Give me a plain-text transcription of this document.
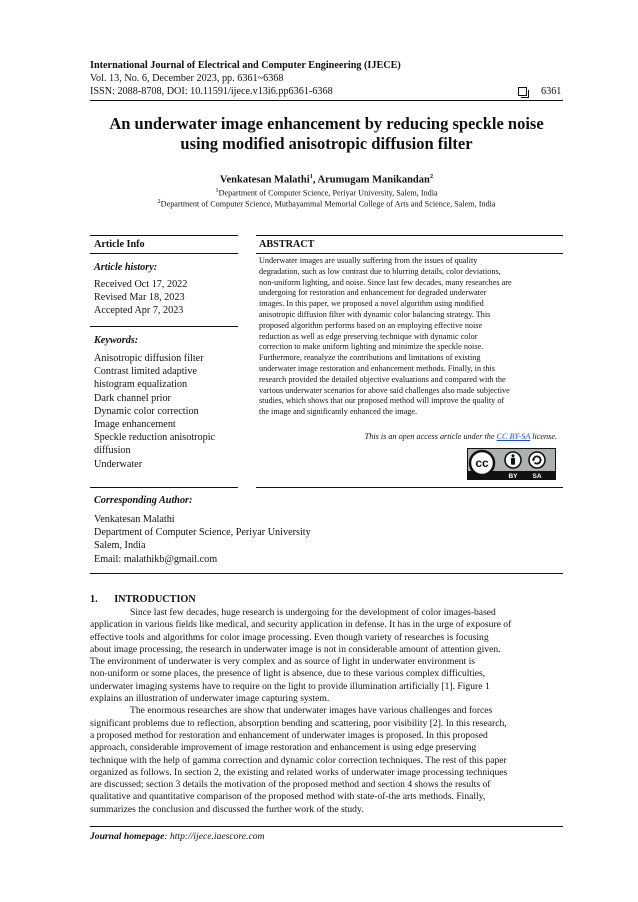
International Journal of Electrical and Computer Engineering (IJECE)
Vol. 13, No. 6, December 2023, pp. 6361~6368
ISSN: 2088-8708, DOI: 10.11591/ijece.v13i6.pp6361-6368	6361
An underwater image enhancement by reducing speckle noise
using modified anisotropic diffusion filter
Venkatesan Malathi$^1$, Arumugam Manikandan$^2$
$^1$Department of Computer Science, Periyar University, Salem, India
$^2$Department of Computer Science, Muthayammal Memorial College of Arts and Science, Salem, India
Article Info
Article history:
Received Oct 17, 2022
Revised Mar 18, 2023
Accepted Apr 7, 2023
Keywords:
Anisotropic diffusion filter
Contrast limited adaptive
histogram equalization
Dark channel prior
Dynamic color correction
Image enhancement
Speckle reduction anisotropic
diffusion
Underwater
ABSTRACT
Underwater images are usually suffering from the issues of quality
degradation, such as low contrast due to blurring details, color deviations,
non-uniform lighting, and noise. Since last few decades, many researches are
undergoing for restoration and enhancement for degraded underwater
images. In this paper, we proposed a novel algorithm using modified
anisotropic diffusion filter with dynamic color balancing strategy. This
proposed algorithm performs based on an employing effective noise
reduction as well as edge preserving technique with dynamic color
correction to make uniform lighting and minimize the speckle noise.
Furthermore, reanalyze the contributions and limitations of existing
underwater image restoration and enhancement methods. Finally, in this
research provided the detailed objective evaluations and compared with the
various underwater scenarios for above said challenges also made subjective
studies, which shows that our proposed method will improve the quality of
the image and significantly enhanced the image.
This is an open access article under the CC BY-SA license.
cc
BY SA
Corresponding Author:
Venkatesan Malathi
Department of Computer Science, Periyar University
Salem, India
Email: malathikb@gmail.com
1. INTRODUCTION
Since last few decades, huge research is undergoing for the development of color images-based
application in various fields like medical, and security application in defense. It has in the urge of exposure of
effective tools and algorithms for color image processing. Even though variety of researches is focusing
about image processing, the research in underwater image is not in considerable amount of attention given.
The environment of underwater is very complex and as source of light in underwater environment is
non-uniform or some places, the presence of light is absence, due to these various complex difficulties,
underwater imaging systems have to require on the light to provide illumination artificially [1]. Figure 1
explains an illustration of underwater image capturing system.
The enormous researches are show that underwater images have various challenges and forces
significant problems due to reflection, absorption bending and scattering, poor visibility [2]. In this research,
a proposed method for restoration and enhancement of underwater images is proposed. In this proposed
approach, considerable improvement of image restoration and enhancement is using edge preserving
technique with the help of gamma correction and dynamic color correction techniques. The rest of this paper
organized as follows. In section 2, the existing and related works of underwater image processing techniques
are discussed; section 3 details the motivation of the proposed method and section 4 shows the results of
qualitative and quantitative comparison of the proposed method with state-of-the arts methods. Finally,
summarizes the conclusion and discussed the further work of the study.
Journal homepage: http://ijece.iaescore.com
